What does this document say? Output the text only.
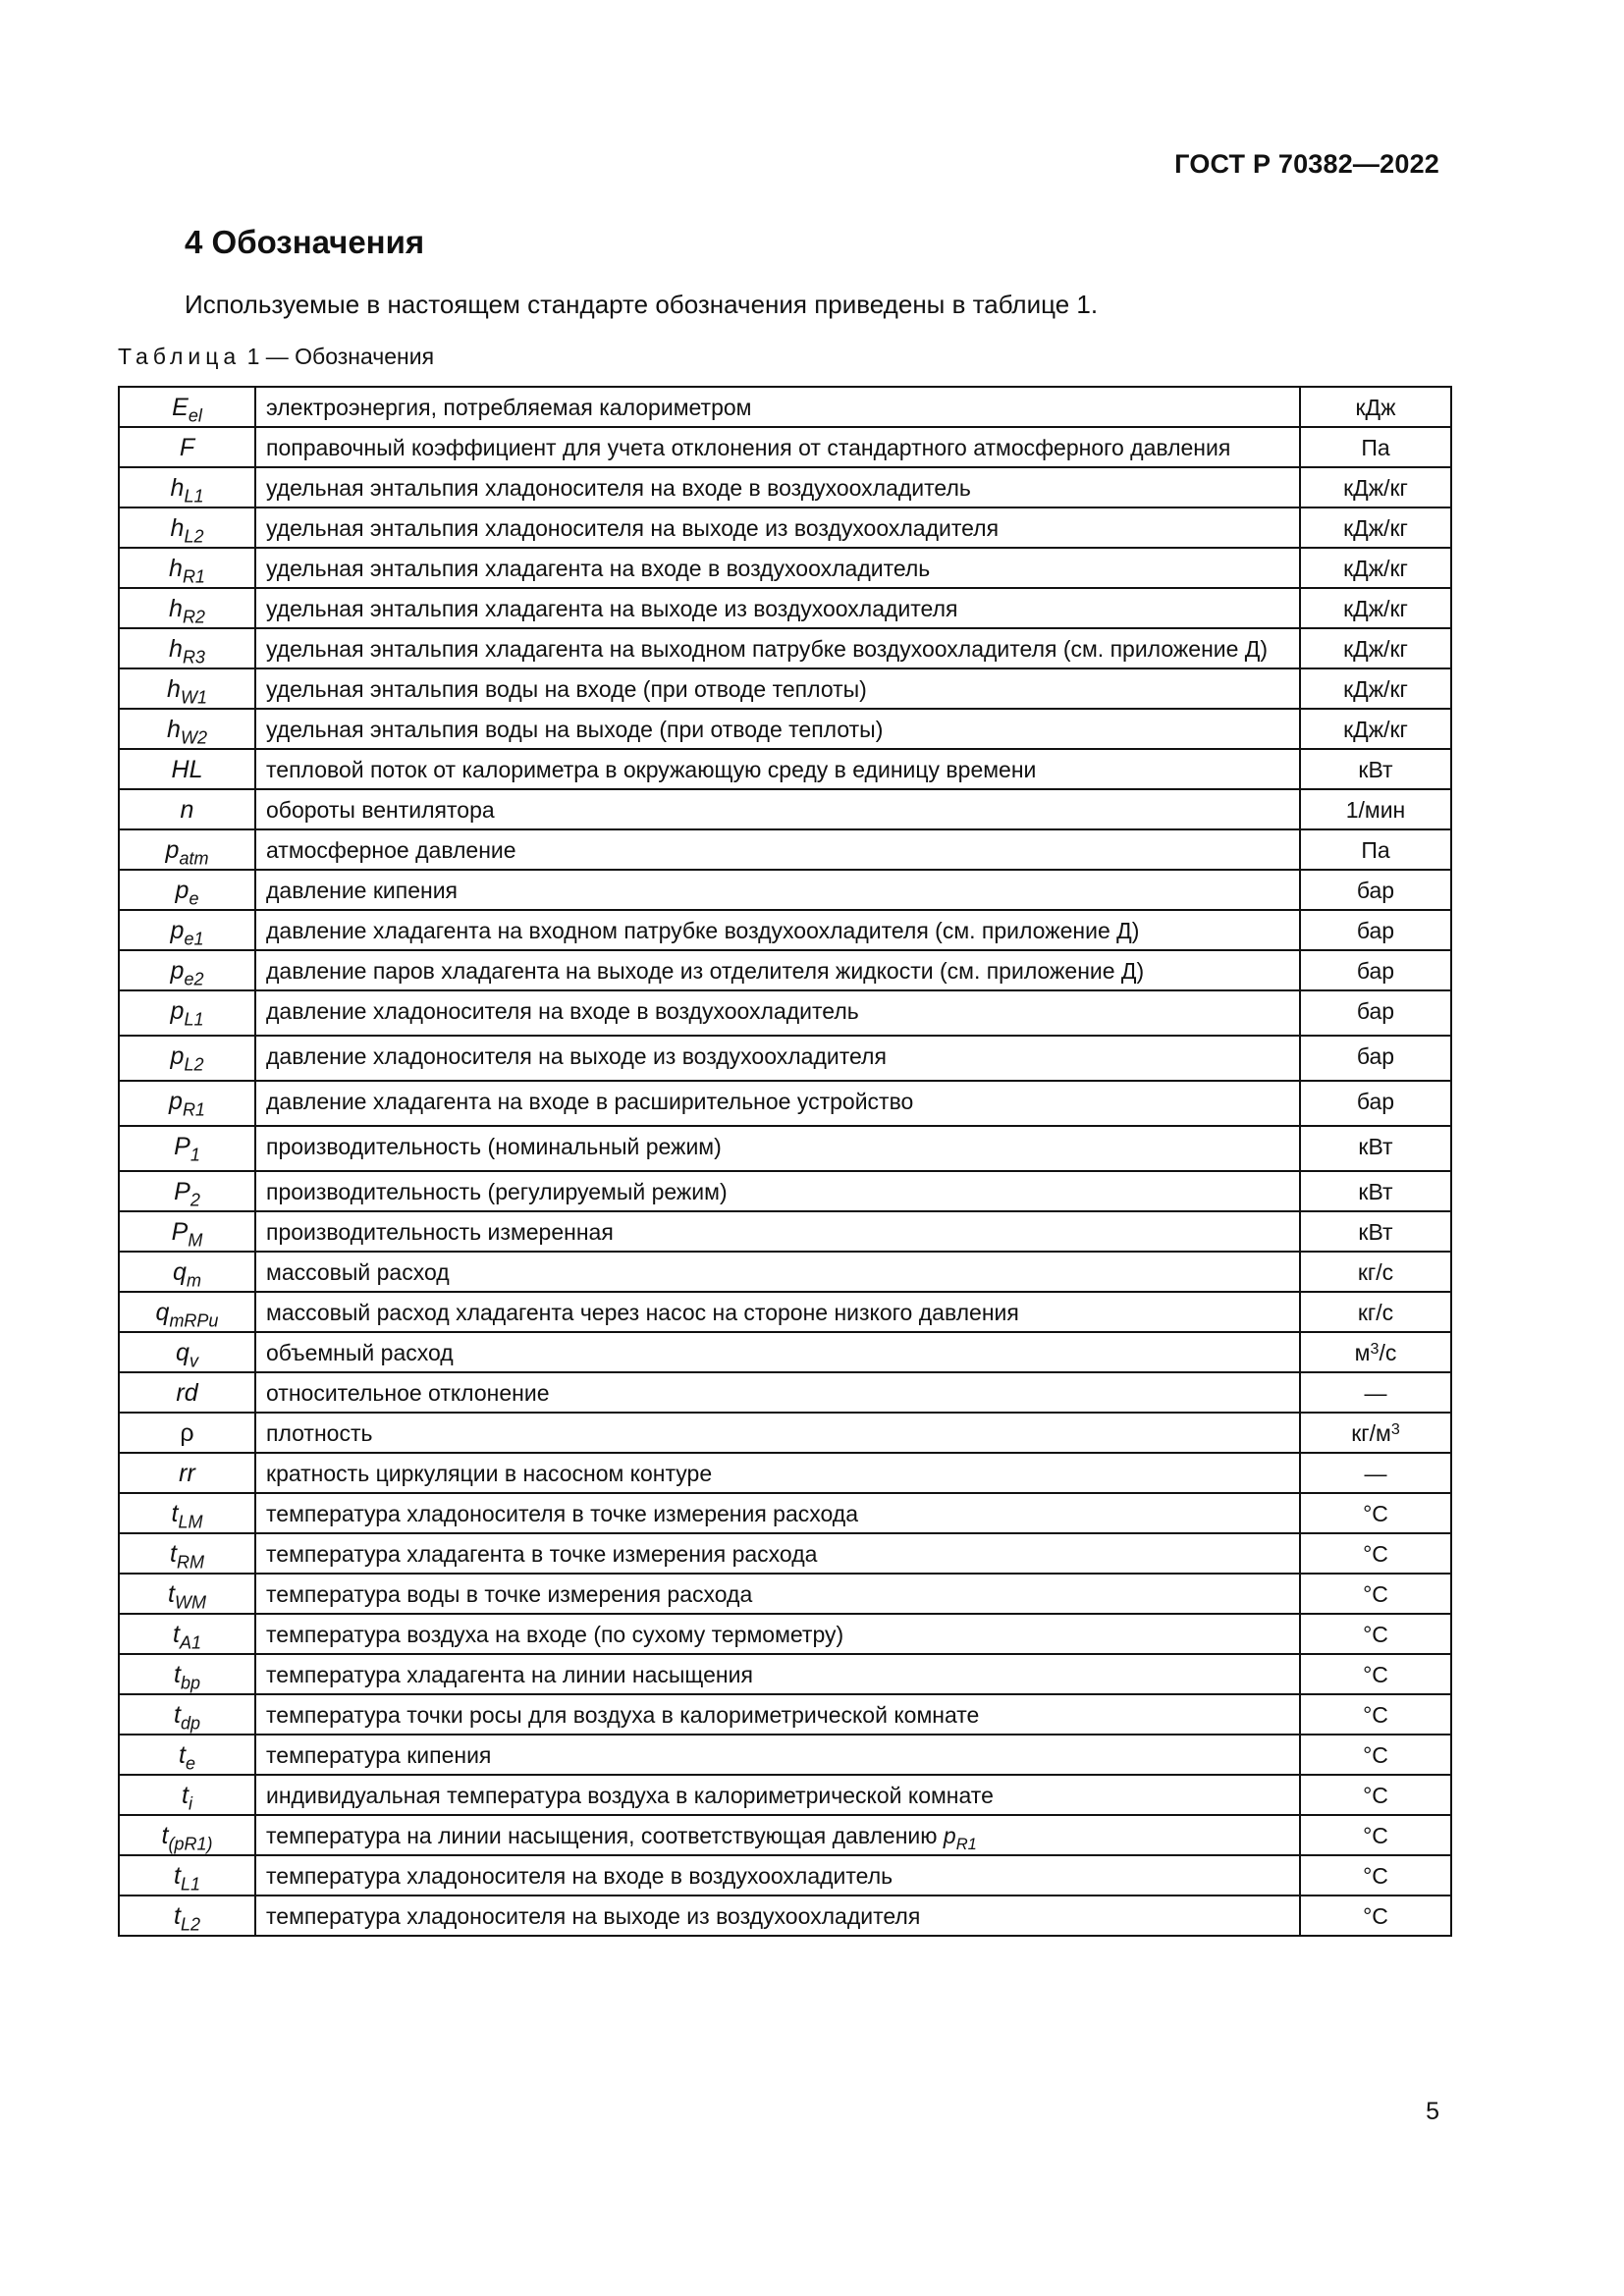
ГОСТ Р 70382—2022
4 Обозначения

Используемые в настоящем стандарте обозначения приведены в таблице 1.

Таблица 1 — Обозначения

$E_{el}$	электроэнергия, потребляемая калориметром	кДж
F	поправочный коэффициент для учета отклонения от стандартного атмосферного давления	Па
$h_{L1}$	удельная энтальпия хладоносителя на входе в воздухоохладитель	кДж/кг
$h_{L2}$	удельная энтальпия хладоносителя на выходе из воздухоохладителя	кДж/кг
$h_{R1}$	удельная энтальпия хладагента на входе в воздухоохладитель	кДж/кг
$h_{R2}$	удельная энтальпия хладагента на выходе из воздухоохладителя	кДж/кг
$h_{R3}$	удельная энтальпия хладагента на выходном патрубке воздухоохладителя (см. приложение Д)	кДж/кг
$h_{W1}$	удельная энтальпия воды на входе (при отводе теплоты)	кДж/кг
$h_{W2}$	удельная энтальпия воды на выходе (при отводе теплоты)	кДж/кг
HL	тепловой поток от калориметра в окружающую среду в единицу времени	кВт
n	обороты вентилятора	1/мин
$p_{atm}$	атмосферное давление	Па
$p_e$	давление кипения	бар
$p_{e1}$	давление хладагента на входном патрубке воздухоохладителя (см. приложение Д)	бар
$p_{e2}$	давление паров хладагента на выходе из отделителя жидкости (см. приложение Д)	бар
$p_{L1}$	давление хладоносителя на входе в воздухоохладитель	бар
$p_{L2}$	давление хладоносителя на выходе из воздухоохладителя	бар
$p_{R1}$	давление хладагента на входе в расширительное устройство	бар
$P_1$	производительность (номинальный режим)	кВт
$P_2$	производительность (регулируемый режим)	кВт
$P_M$	производительность измеренная	кВт
$q_m$	массовый расход	кг/с
$q_{mRPu}$	массовый расход хладагента через насос на стороне низкого давления	кг/с
$q_v$	объемный расход	$м^3/с$
rd	относительное отклонение	—
ρ	плотность	$кг/м^3$
rr	кратность циркуляции в насосном контуре	—
$t_{LM}$	температура хладоносителя в точке измерения расхода	°C
$t_{RM}$	температура хладагента в точке измерения расхода	°C
$t_{WM}$	температура воды в точке измерения расхода	°C
$t_{A1}$	температура воздуха на входе (по сухому термометру)	°C
$t_{bp}$	температура хладагента на линии насыщения	°C
$t_{dp}$	температура точки росы для воздуха в калориметрической комнате	°C
$t_e$	температура кипения	°C
$t_i$	индивидуальная температура воздуха в калориметрической комнате	°C
$t_{(pR1)}$	температура на линии насыщения, соответствующая давлению $p_{R1}$	°C
$t_{L1}$	температура хладоносителя на входе в воздухоохладитель	°C
$t_{L2}$	температура хладоносителя на выходе из воздухоохладителя	°C
5
